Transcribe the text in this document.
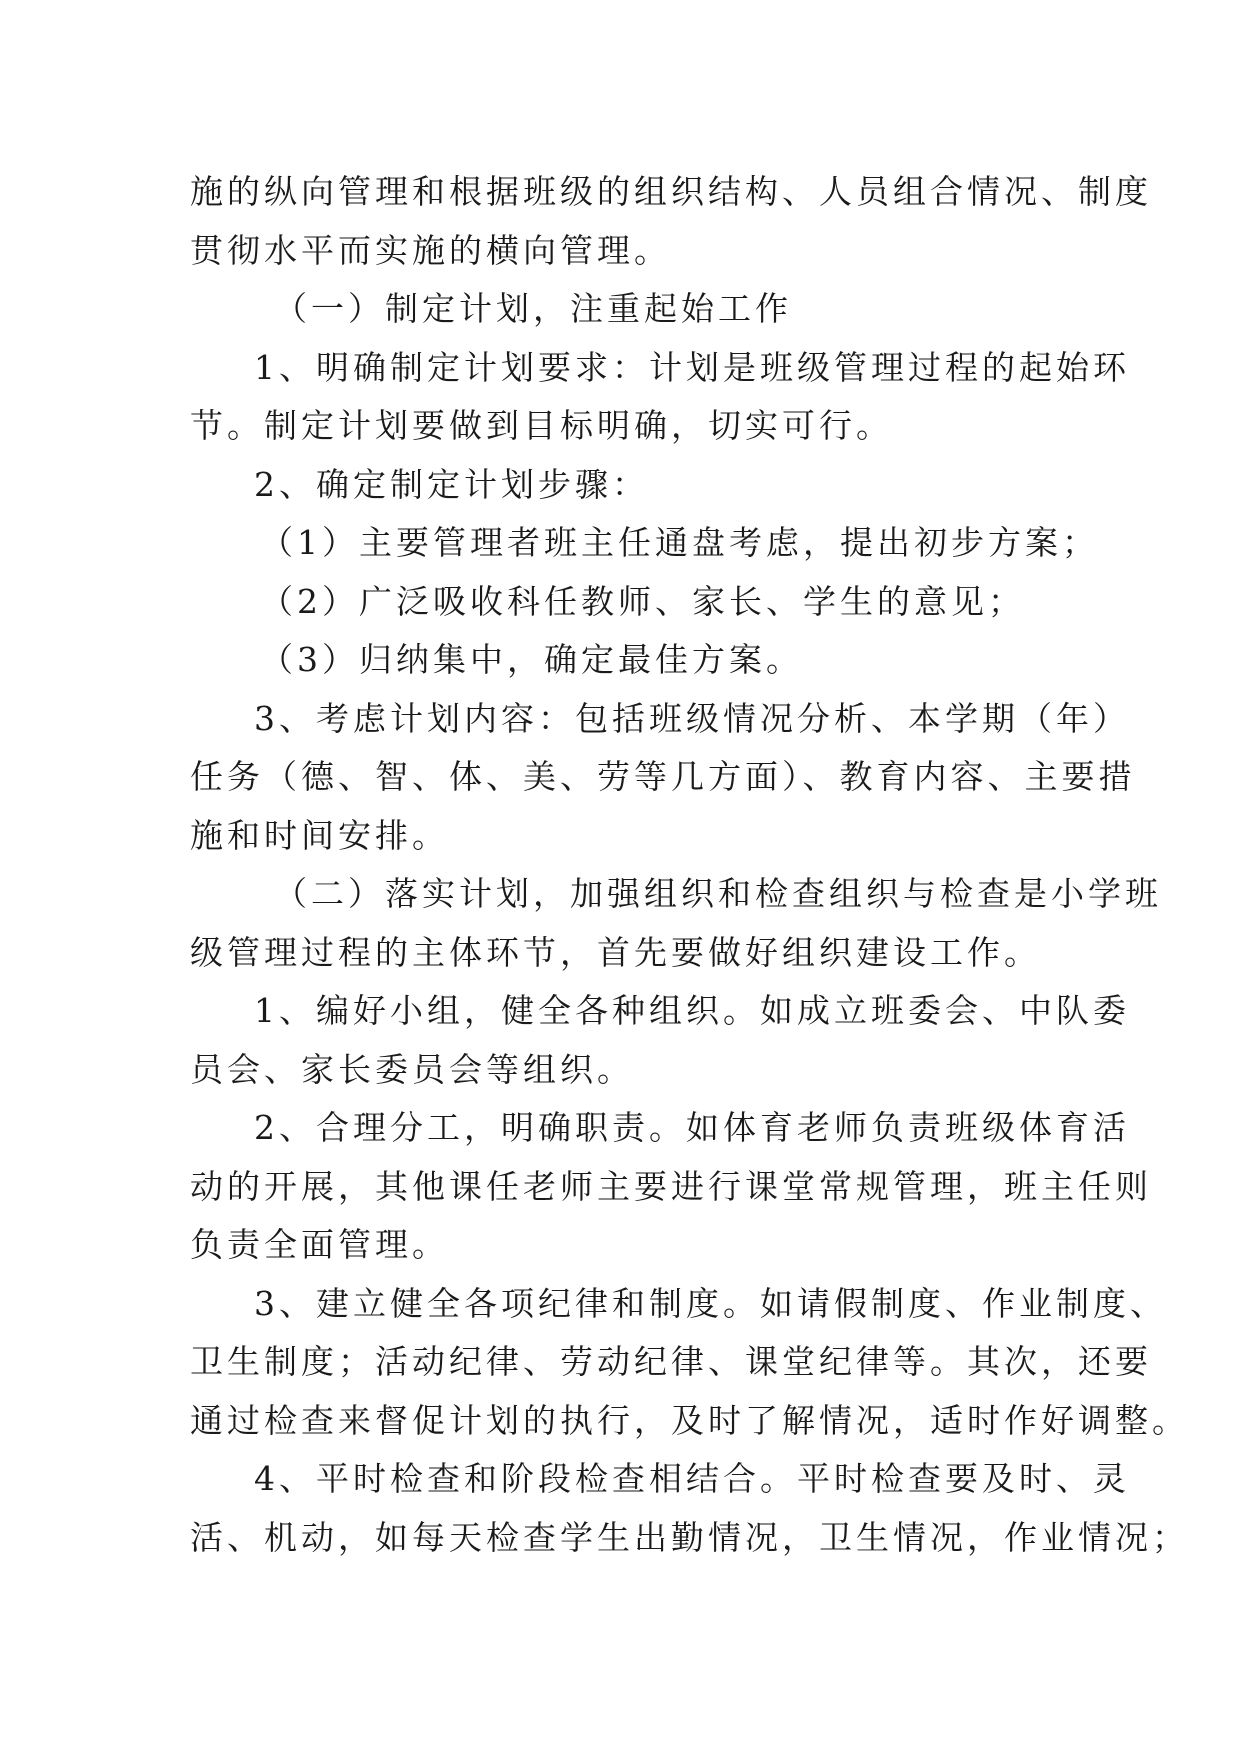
施的纵向管理和根据班级的组织结构、人员组合情况、制度
贯彻水平而实施的横向管理。
（一）制定计划，注重起始工作
1、明确制定计划要求：计划是班级管理过程的起始环
节。制定计划要做到目标明确，切实可行。
2、确定制定计划步骤：
（1）主要管理者班主任通盘考虑，提出初步方案；
（2）广泛吸收科任教师、家长、学生的意见；
（3）归纳集中，确定最佳方案。
3、考虑计划内容：包括班级情况分析、本学期（年）
任务（德、智、体、美、劳等几方面）、教育内容、主要措
施和时间安排。
（二）落实计划，加强组织和检查组织与检查是小学班
级管理过程的主体环节，首先要做好组织建设工作。
1、编好小组，健全各种组织。如成立班委会、中队委
员会、家长委员会等组织。
2、合理分工，明确职责。如体育老师负责班级体育活
动的开展，其他课任老师主要进行课堂常规管理，班主任则
负责全面管理。
3、建立健全各项纪律和制度。如请假制度、作业制度、
卫生制度；活动纪律、劳动纪律、课堂纪律等。其次，还要
通过检查来督促计划的执行，及时了解情况，适时作好调整。
4、平时检查和阶段检查相结合。平时检查要及时、灵
活、机动，如每天检查学生出勤情况，卫生情况，作业情况；
